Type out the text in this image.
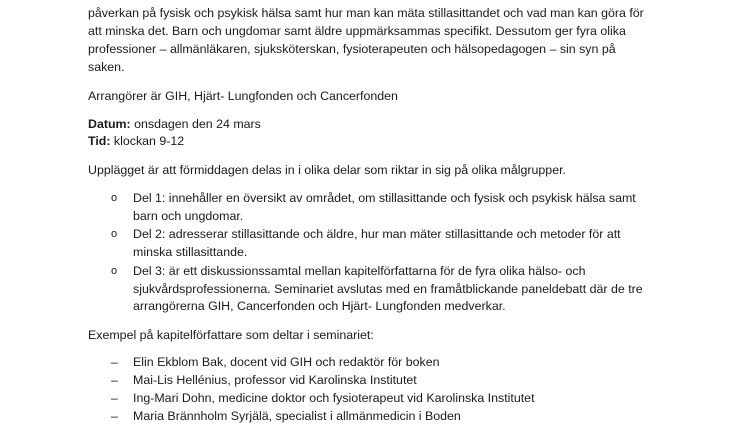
påverkan på fysisk och psykisk hälsa samt hur man kan mäta stillasittandet och vad man kan göra för
att minska det. Barn och ungdomar samt äldre uppmärksammas specifikt. Dessutom ger fyra olika
professioner – allmänläkaren, sjuksköterskan, fysioterapeuten och hälsopedagogen – sin syn på
saken.
Arrangörer är GIH, Hjärt- Lungfonden och Cancerfonden
Datum: onsdagen den 24 mars
Tid: klockan 9-12
Upplägget är att förmiddagen delas in i olika delar som riktar in sig på olika målgrupper.
o	Del 1: innehåller en översikt av området, om stillasittande och fysisk och psykisk hälsa samt
barn och ungdomar.
o	Del 2: adresserar stillasittande och äldre, hur man mäter stillasittande och metoder för att
minska stillasittande.
o	Del 3: är ett diskussionssamtal mellan kapitelförfattarna för de fyra olika hälso- och
sjukvårdsprofessionerna. Seminariet avslutas med en framåtblickande paneldebatt där de tre
arrangörerna GIH, Cancerfonden och Hjärt- Lungfonden medverkar.
Exempel på kapitelförfattare som deltar i seminariet:
– Elin Ekblom Bak, docent vid GIH och redaktör för boken
– Mai-Lis Hellénius, professor vid Karolinska Institutet
– Ing-Mari Dohn, medicine doktor och fysioterapeut vid Karolinska Institutet
– Maria Brännholm Syrjälä, specialist i allmänmedicin i Boden
